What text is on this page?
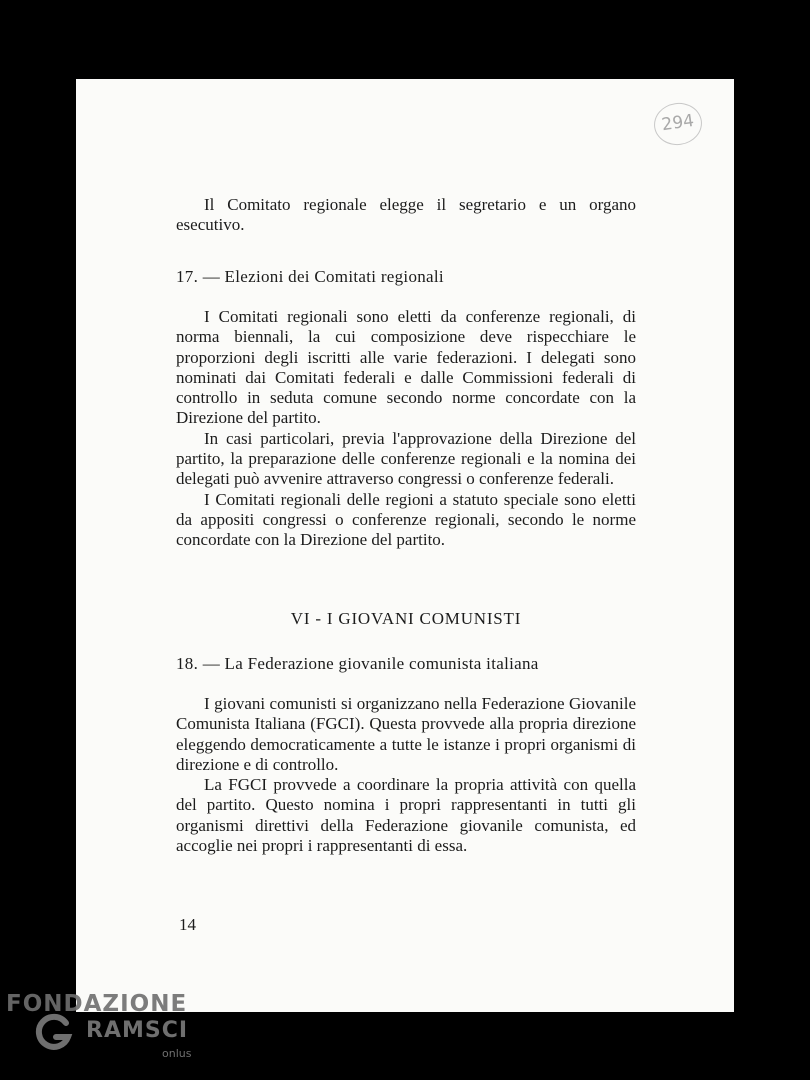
294

Il Comitato regionale elegge il segretario e un organo esecutivo.

17. — Elezioni dei Comitati regionali

I Comitati regionali sono eletti da conferenze regionali, di norma biennali, la cui composizione deve rispecchiare le proporzioni degli iscritti alle varie federazioni. I delegati sono nominati dai Comitati federali e dalle Commissioni federali di controllo in seduta comune secondo norme concordate con la Direzione del partito.

In casi particolari, previa l'approvazione della Direzione del partito, la preparazione delle conferenze regionali e la nomina dei delegati può avvenire attraverso congressi o conferenze federali.

I Comitati regionali delle regioni a statuto speciale sono eletti da appositi congressi o conferenze regionali, secondo le norme concordate con la Direzione del partito.

VI - I GIOVANI COMUNISTI
18. — La Federazione giovanile comunista italiana

I giovani comunisti si organizzano nella Federazione Giovanile Comunista Italiana (FGCI). Questa provvede alla propria direzione eleggendo democraticamente a tutte le istanze i propri organismi di direzione e di controllo.

La FGCI provvede a coordinare la propria attività con quella del partito. Questo nomina i propri rappresentanti in tutti gli organismi direttivi della Federazione giovanile comunista, ed accoglie nei propri i rappresentanti di essa.

14
FONDAZIONE
RAMSCI
onlus
